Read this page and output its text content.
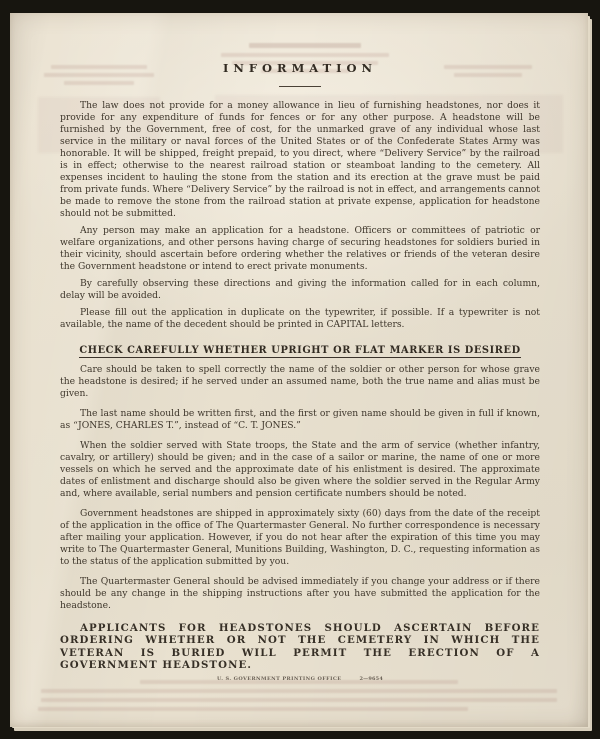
INFORMATION

The law does not provide for a money allowance in lieu of furnishing headstones, nor does it provide for any expenditure of funds for fences or for any other purpose. A headstone will be furnished by the Government, free of cost, for the unmarked grave of any individual whose last service in the military or naval forces of the United States or of the Confederate States Army was honorable. It will be shipped, freight prepaid, to you direct, where “Delivery Service” by the railroad is in effect; otherwise to the nearest railroad station or steamboat landing to the cemetery. All expenses incident to hauling the stone from the station and its erection at the grave must be paid from private funds. Where “Delivery Service” by the railroad is not in effect, and arrangements cannot be made to remove the stone from the railroad station at private expense, application for headstone should not be submitted.

Any person may make an application for a headstone. Officers or committees of patriotic or welfare organizations, and other persons having charge of securing headstones for soldiers buried in their vicinity, should ascertain before ordering whether the relatives or friends of the veteran desire the Government headstone or intend to erect private monuments.

By carefully observing these directions and giving the information called for in each column, delay will be avoided.

Please fill out the application in duplicate on the typewriter, if possible. If a typewriter is not available, the name of the decedent should be printed in CAPITAL letters.

CHECK CAREFULLY WHETHER UPRIGHT OR FLAT MARKER IS DESIRED

Care should be taken to spell correctly the name of the soldier or other person for whose grave the headstone is desired; if he served under an assumed name, both the true name and alias must be given.

The last name should be written first, and the first or given name should be given in full if known, as “JONES, CHARLES T.”, instead of “C. T. JONES.”

When the soldier served with State troops, the State and the arm of service (whether infantry, cavalry, or artillery) should be given; and in the case of a sailor or marine, the name of one or more vessels on which he served and the approximate date of his enlistment is desired. The approximate dates of enlistment and discharge should also be given where the soldier served in the Regular Army and, where available, serial numbers and pension certificate numbers should be noted.

Government headstones are shipped in approximately sixty (60) days from the date of the receipt of the application in the office of The Quartermaster General. No further correspondence is necessary after mailing your application. However, if you do not hear after the expiration of this time you may write to The Quartermaster General, Munitions Building, Washington, D. C., requesting information as to the status of the application submitted by you.

The Quartermaster General should be advised immediately if you change your address or if there should be any change in the shipping instructions after you have submitted the application for the headstone.

APPLICANTS FOR HEADSTONES SHOULD ASCERTAIN BEFORE ORDERING WHETHER OR NOT THE CEMETERY IN WHICH THE VETERAN IS BURIED WILL PERMIT THE ERECTION OF A GOVERNMENT HEADSTONE.

U. S. GOVERNMENT PRINTING OFFICE	2—9654
